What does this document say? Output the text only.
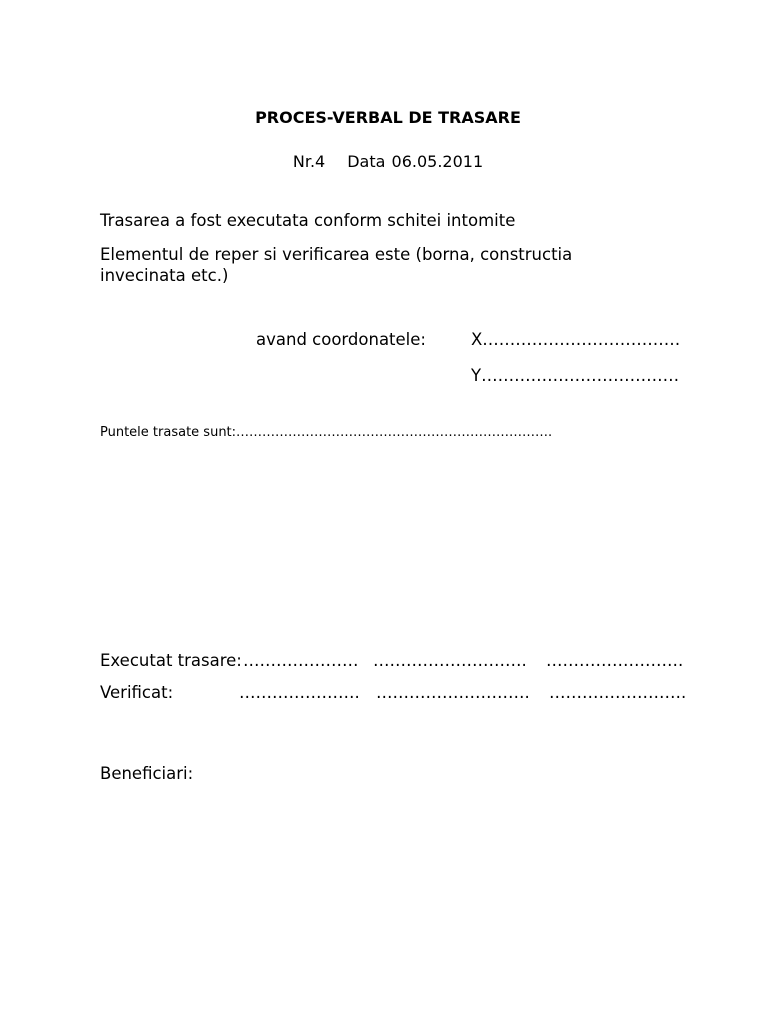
PROCES-VERBAL DE TRASARE
Nr.4 Data 06.05.2011
Trasarea a fost executata conform schitei intomite
Elementul de reper si verificarea este (borna, constructia invecinata etc.)
avand coordonatele:	X………………………………
Y………………………………
Puntele trasate sunt:……………………………………………………………….
Executat trasare: ………………… ………………………. …………………….
Verificat:	…………………. ………………………. …………………….
Beneficiari:
